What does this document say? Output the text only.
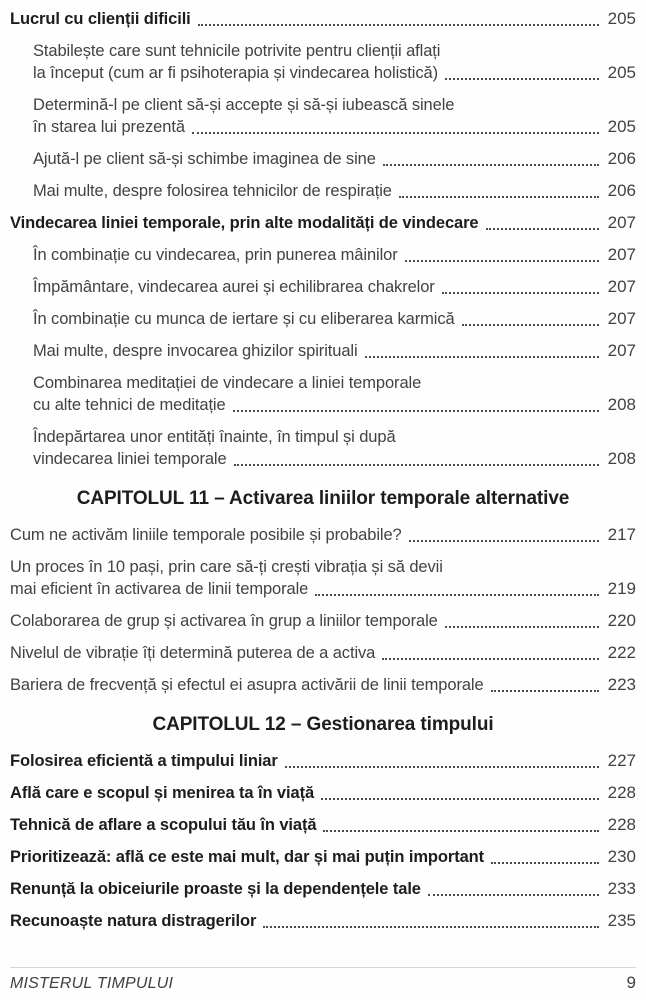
Lucrul cu clienții dificili	205
Stabilește care sunt tehnicile potrivite pentru clienții aflați
la început (cum ar fi psihoterapia și vindecarea holistică)	205
Determină-l pe client să-și accepte și să-și iubească sinele
în starea lui prezentă	205
Ajută-l pe client să-și schimbe imaginea de sine	206
Mai multe, despre folosirea tehnicilor de respirație	206
Vindecarea liniei temporale, prin alte modalități de vindecare	207
În combinație cu vindecarea, prin punerea mâinilor	207
Împământare, vindecarea aurei și echilibrarea chakrelor	207
În combinație cu munca de iertare și cu eliberarea karmică	207
Mai multe, despre invocarea ghizilor spirituali	207
Combinarea meditației de vindecare a liniei temporale
cu alte tehnici de meditație	208
Îndepărtarea unor entități înainte, în timpul și după
vindecarea liniei temporale	208
CAPITOLUL 11 – Activarea liniilor temporale alternative
Cum ne activăm liniile temporale posibile și probabile?	217
Un proces în 10 pași, prin care să-ți crești vibrația și să devii
mai eficient în activarea de linii temporale	219
Colaborarea de grup și activarea în grup a liniilor temporale	220
Nivelul de vibrație îți determină puterea de a activa	222
Bariera de frecvență și efectul ei asupra activării de linii temporale	223
CAPITOLUL 12 – Gestionarea timpului
Folosirea eficientă a timpului liniar	227
Află care e scopul și menirea ta în viață	228
Tehnică de aflare a scopului tău în viață	228
Prioritizează: află ce este mai mult, dar și mai puțin important	230
Renunță la obiceiurile proaste și la dependențele tale	233
Recunoaște natura distragerilor	235
MISTERUL TIMPULUI	9
